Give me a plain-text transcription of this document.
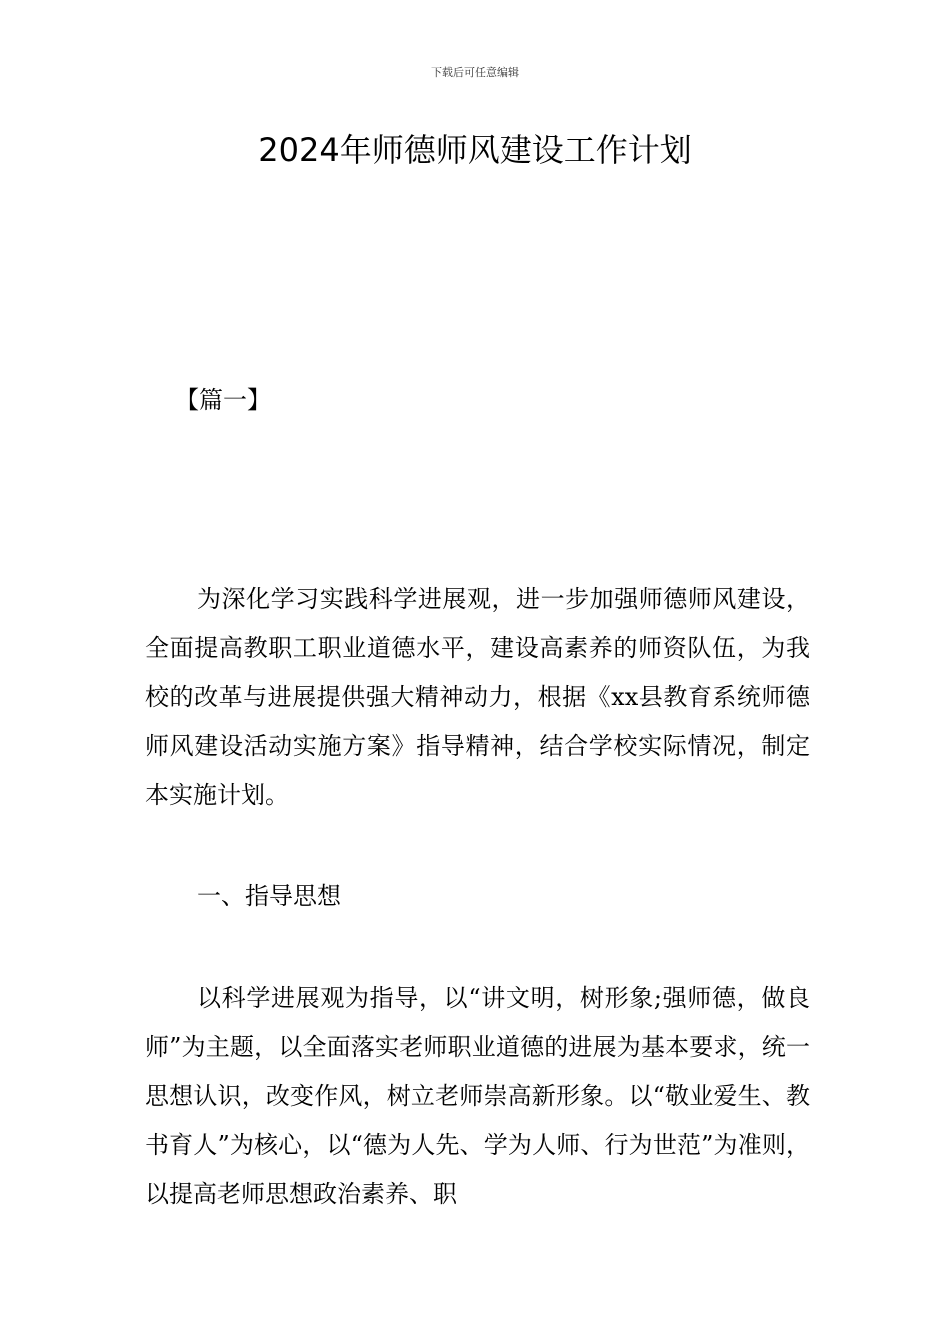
下载后可任意编辑
2024年师德师风建设工作计划
【篇一】

为深化学习实践科学进展观，进一步加强师德师风建设，全面提高教职工职业道德水平，建设高素养的师资队伍，为我校的改革与进展提供强大精神动力，根据《xx县教育系统师德师风建设活动实施方案》指导精神，结合学校实际情况，制定本实施计划。

一、指导思想

以科学进展观为指导，以“讲文明，树形象;强师德，做良师”为主题，以全面落实老师职业道德的进展为基本要求，统一思想认识，改变作风，树立老师崇高新形象。以“敬业爱生、教书育人”为核心，以“德为人先、学为人师、行为世范”为准则，以提高老师思想政治素养、职
